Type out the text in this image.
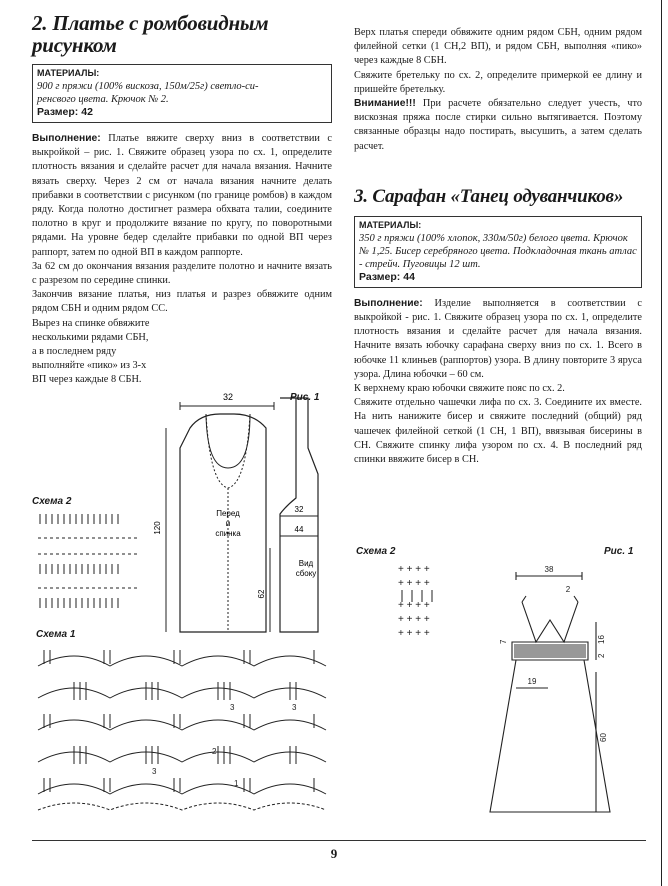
2. Платье с ромбовидным
рисунком
МАТЕРИАЛЫ:
900 г пряжи (100% вискоза, 150м/25г) светло-си-
ренсвого цвета. Крючок № 2.
Размер: 42

Выполнение: Платье вяжите сверху вниз в соответствии с выкройкой – рис. 1. Свяжите образец узора по сх. 1, определите плотность вязания и сделайте расчет для начала вязания. Начните вязать сверху. Через 2 см от начала вязания начните делать прибавки в соответствии с рисунком (по границе ромбов) в каждом ряду. Когда полотно достигнет размера обхвата талии, соедините полотно в круг и продолжите вязание по кругу, по поворотными рядами. На уровне бедер сделайте прибавки по одной ВП через раппорт, затем по одной ВП в каждом раппорте.

За 62 см до окончания вязания разделите полотно и начните вязать с разрезом по середине спинки.

Закончив вязание платья, низ платья и разрез обвяжите одним рядом СБН и одним рядом СС.

Вырез на спинке обвяжите несколькими рядами СБН, а в последнем ряду выполняйте «пико» из 3-х ВП через каждые 8 СБН.

32
Перед
и
спинка
120	44
32
Вид
сбоку
62
Рис. 1
Схема 2
Схема 1
3	3
2
3
1

Верх платья спереди обвяжите одним рядом СБН, одним рядом филейной сетки (1 СН,2 ВП), и рядом СБН, выполняя «пико» через каждые 8 СБН.

Свяжите бретельку по сх. 2, определите примеркой ее длину и пришейте бретельку.

Внимание!!! При расчете обязательно следует учесть, что вискозная пряжа после стирки сильно вытягивается. Поэтому связанные образцы надо постирать, высушить, а затем сделать расчет.

3. Сарафан «Танец одуванчиков»
МАТЕРИАЛЫ:
350 г пряжи (100% хлопок, 330м/50г) белого цвета. Крючок № 1,25. Бисер серебряного цвета. Подкладочная ткань атлас - стрейч. Пуговицы 12 шт.
Размер: 44

Выполнение: Изделие выполняется в соответствии с выкройкой - рис. 1. Свяжите образец узора по сх. 1, определите плотность вязания и сделайте расчет для начала вязания. Начните вязать юбочку сарафана сверху вниз по сх. 1. Всего в юбочке 11 клиньев (раппортов) узора. В длину повторите 3 яруса узора. Длина юбочки – 60 см.

К верхнему краю юбочки свяжите пояс по сх. 2.

Свяжите отдельно чашечки лифа по сх. 3. Соедините их вместе. На нить нанижите бисер и свяжите последний (общий) ряд чашечек филейной сеткой (1 СН, 1 ВП), ввязывая бисерины в СН. Свяжите спинку лифа узором по сх. 4. В последний ряд спинки ввяжите бисер в СН.

Схема 2	Рис. 1
+ + + +
+ + + +
+ + + +
+ + + +
+ + + +
38
2
16
2
7
19
60
9
